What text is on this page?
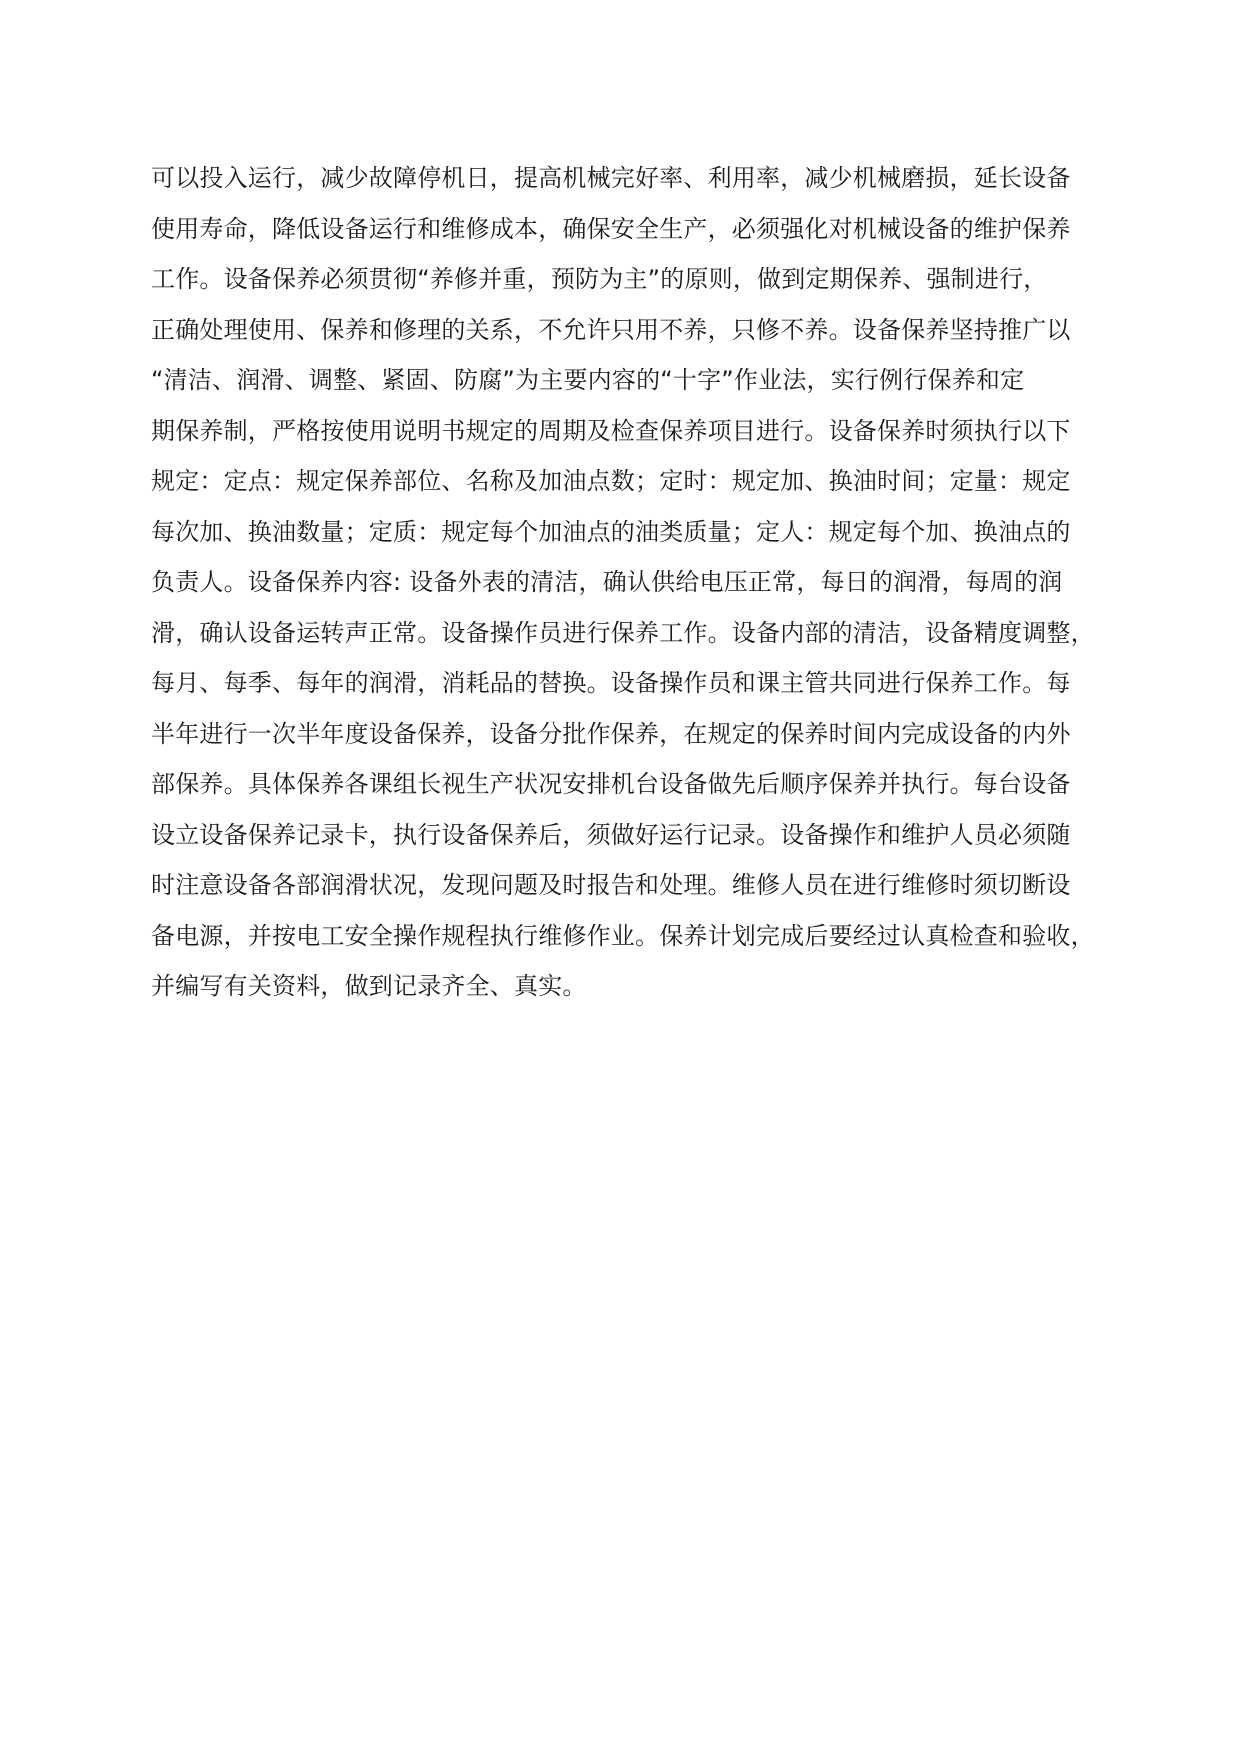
可以投入运行，减少故障停机日，提高机械完好率、利用率，减少机械磨损，延长设备
使用寿命，降低设备运行和维修成本，确保安全生产，必须强化对机械设备的维护保养
工作。设备保养必须贯彻“养修并重，预防为主”的原则，做到定期保养、强制进行，
正确处理使用、保养和修理的关系，不允许只用不养，只修不养。设备保养坚持推广以
“清洁、润滑、调整、紧固、防腐”为主要内容的“十字”作业法，实行例行保养和定
期保养制，严格按使用说明书规定的周期及检查保养项目进行。设备保养时须执行以下
规定：定点：规定保养部位、名称及加油点数；定时：规定加、换油时间；定量：规定
每次加、换油数量；定质：规定每个加油点的油类质量；定人：规定每个加、换油点的
负责人。设备保养内容: 设备外表的清洁，确认供给电压正常，每日的润滑，每周的润
滑，确认设备运转声正常。设备操作员进行保养工作。设备内部的清洁，设备精度调整，
每月、每季、每年的润滑，消耗品的替换。设备操作员和课主管共同进行保养工作。每
半年进行一次半年度设备保养，设备分批作保养，在规定的保养时间内完成设备的内外
部保养。具体保养各课组长视生产状况安排机台设备做先后顺序保养并执行。每台设备
设立设备保养记录卡，执行设备保养后，须做好运行记录。设备操作和维护人员必须随
时注意设备各部润滑状况，发现问题及时报告和处理。维修人员在进行维修时须切断设
备电源，并按电工安全操作规程执行维修作业。保养计划完成后要经过认真检查和验收，
并编写有关资料，做到记录齐全、真实。
